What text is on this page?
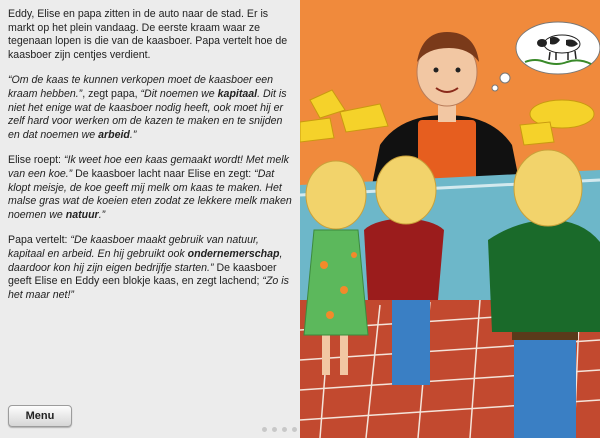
Eddy, Elise en papa zitten in de auto naar de stad. Er is markt op het plein vandaag. De eerste kraam waar ze tegenaan lopen is die van de kaasboer. Papa vertelt hoe de kaasboer zijn centjes verdient.

“Om de kaas te kunnen verkopen moet de kaasboer een kraam hebben.”, zegt papa, “Dit noemen we kapitaal. Dit is niet het enige wat de kaasboer nodig heeft, ook moet hij er zelf hard voor werken om de kazen te maken en te snijden en dat noemen we arbeid.”

Elise roept: “Ik weet hoe een kaas gemaakt wordt! Met melk van een koe.” De kaasboer lacht naar Elise en zegt: “Dat klopt meisje, de koe geeft mij melk om kaas te maken. Het malse gras wat de koeien eten zodat ze lekkere melk maken noemen we natuur.”

Papa vertelt: “De kaasboer maakt gebruik van natuur, kapitaal en arbeid. En hij gebruikt ook ondernemerschap, daardoor kon hij zijn eigen bedrijfje starten.” De kaasboer geeft Elise en Eddy een blokje kaas, en zegt lachend; “Zo is het maar net!”

Menu
